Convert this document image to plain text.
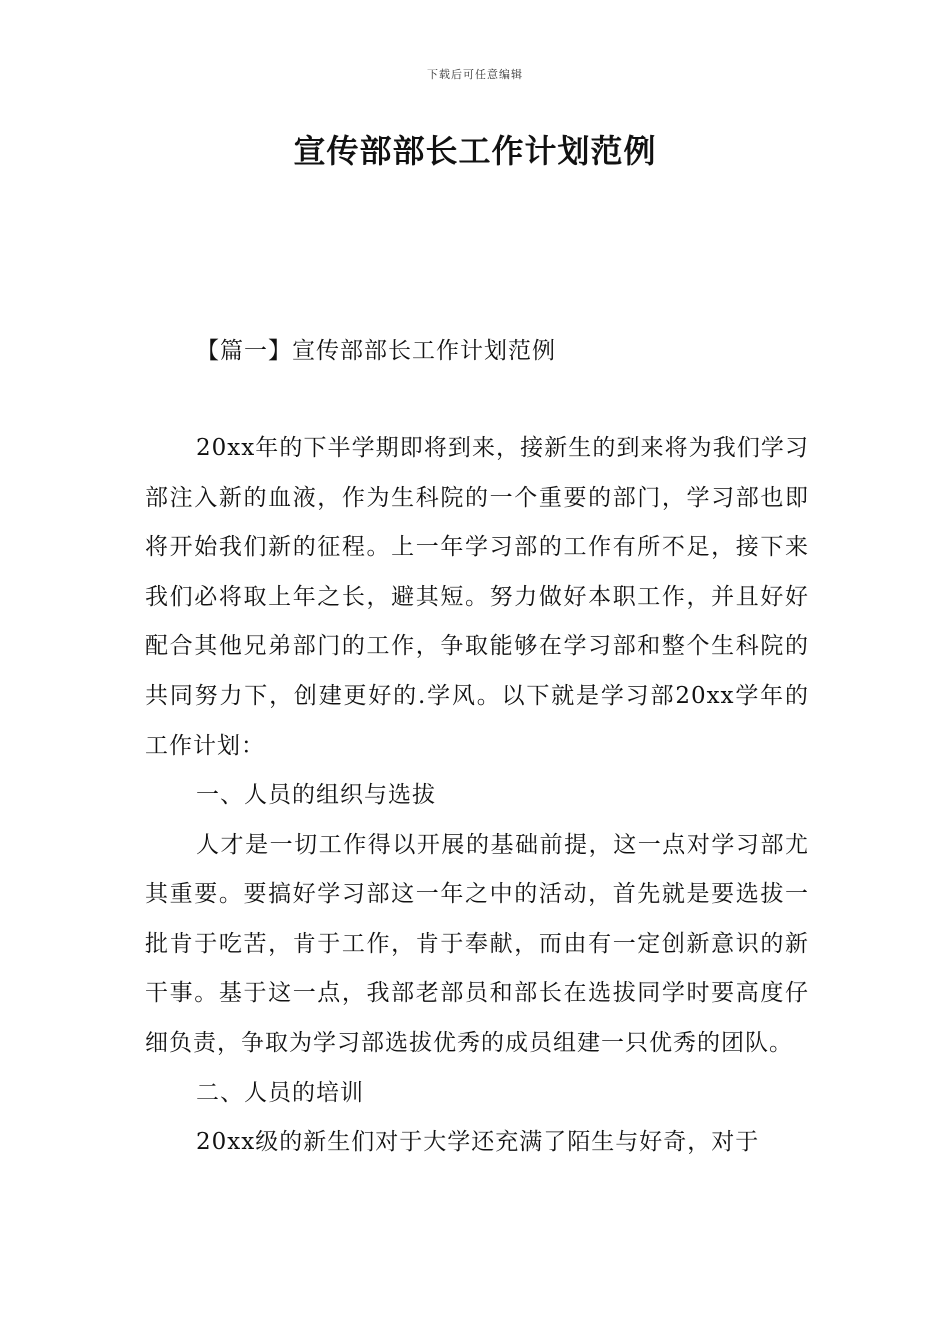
下载后可任意编辑
宣传部部长工作计划范例
【篇一】宣传部部长工作计划范例

20xx年的下半学期即将到来，接新生的到来将为我们学习部注入新的血液，作为生科院的一个重要的部门，学习部也即将开始我们新的征程。上一年学习部的工作有所不足，接下来我们必将取上年之长，避其短。努力做好本职工作，并且好好配合其他兄弟部门的工作，争取能够在学习部和整个生科院的共同努力下，创建更好的.学风。以下就是学习部20xx学年的工作计划：

一、人员的组织与选拔

人才是一切工作得以开展的基础前提，这一点对学习部尤其重要。要搞好学习部这一年之中的活动，首先就是要选拔一批肯于吃苦，肯于工作，肯于奉献，而由有一定创新意识的新干事。基于这一点，我部老部员和部长在选拔同学时要高度仔细负责，争取为学习部选拔优秀的成员组建一只优秀的团队。

二、人员的培训

20xx级的新生们对于大学还充满了陌生与好奇，对于
